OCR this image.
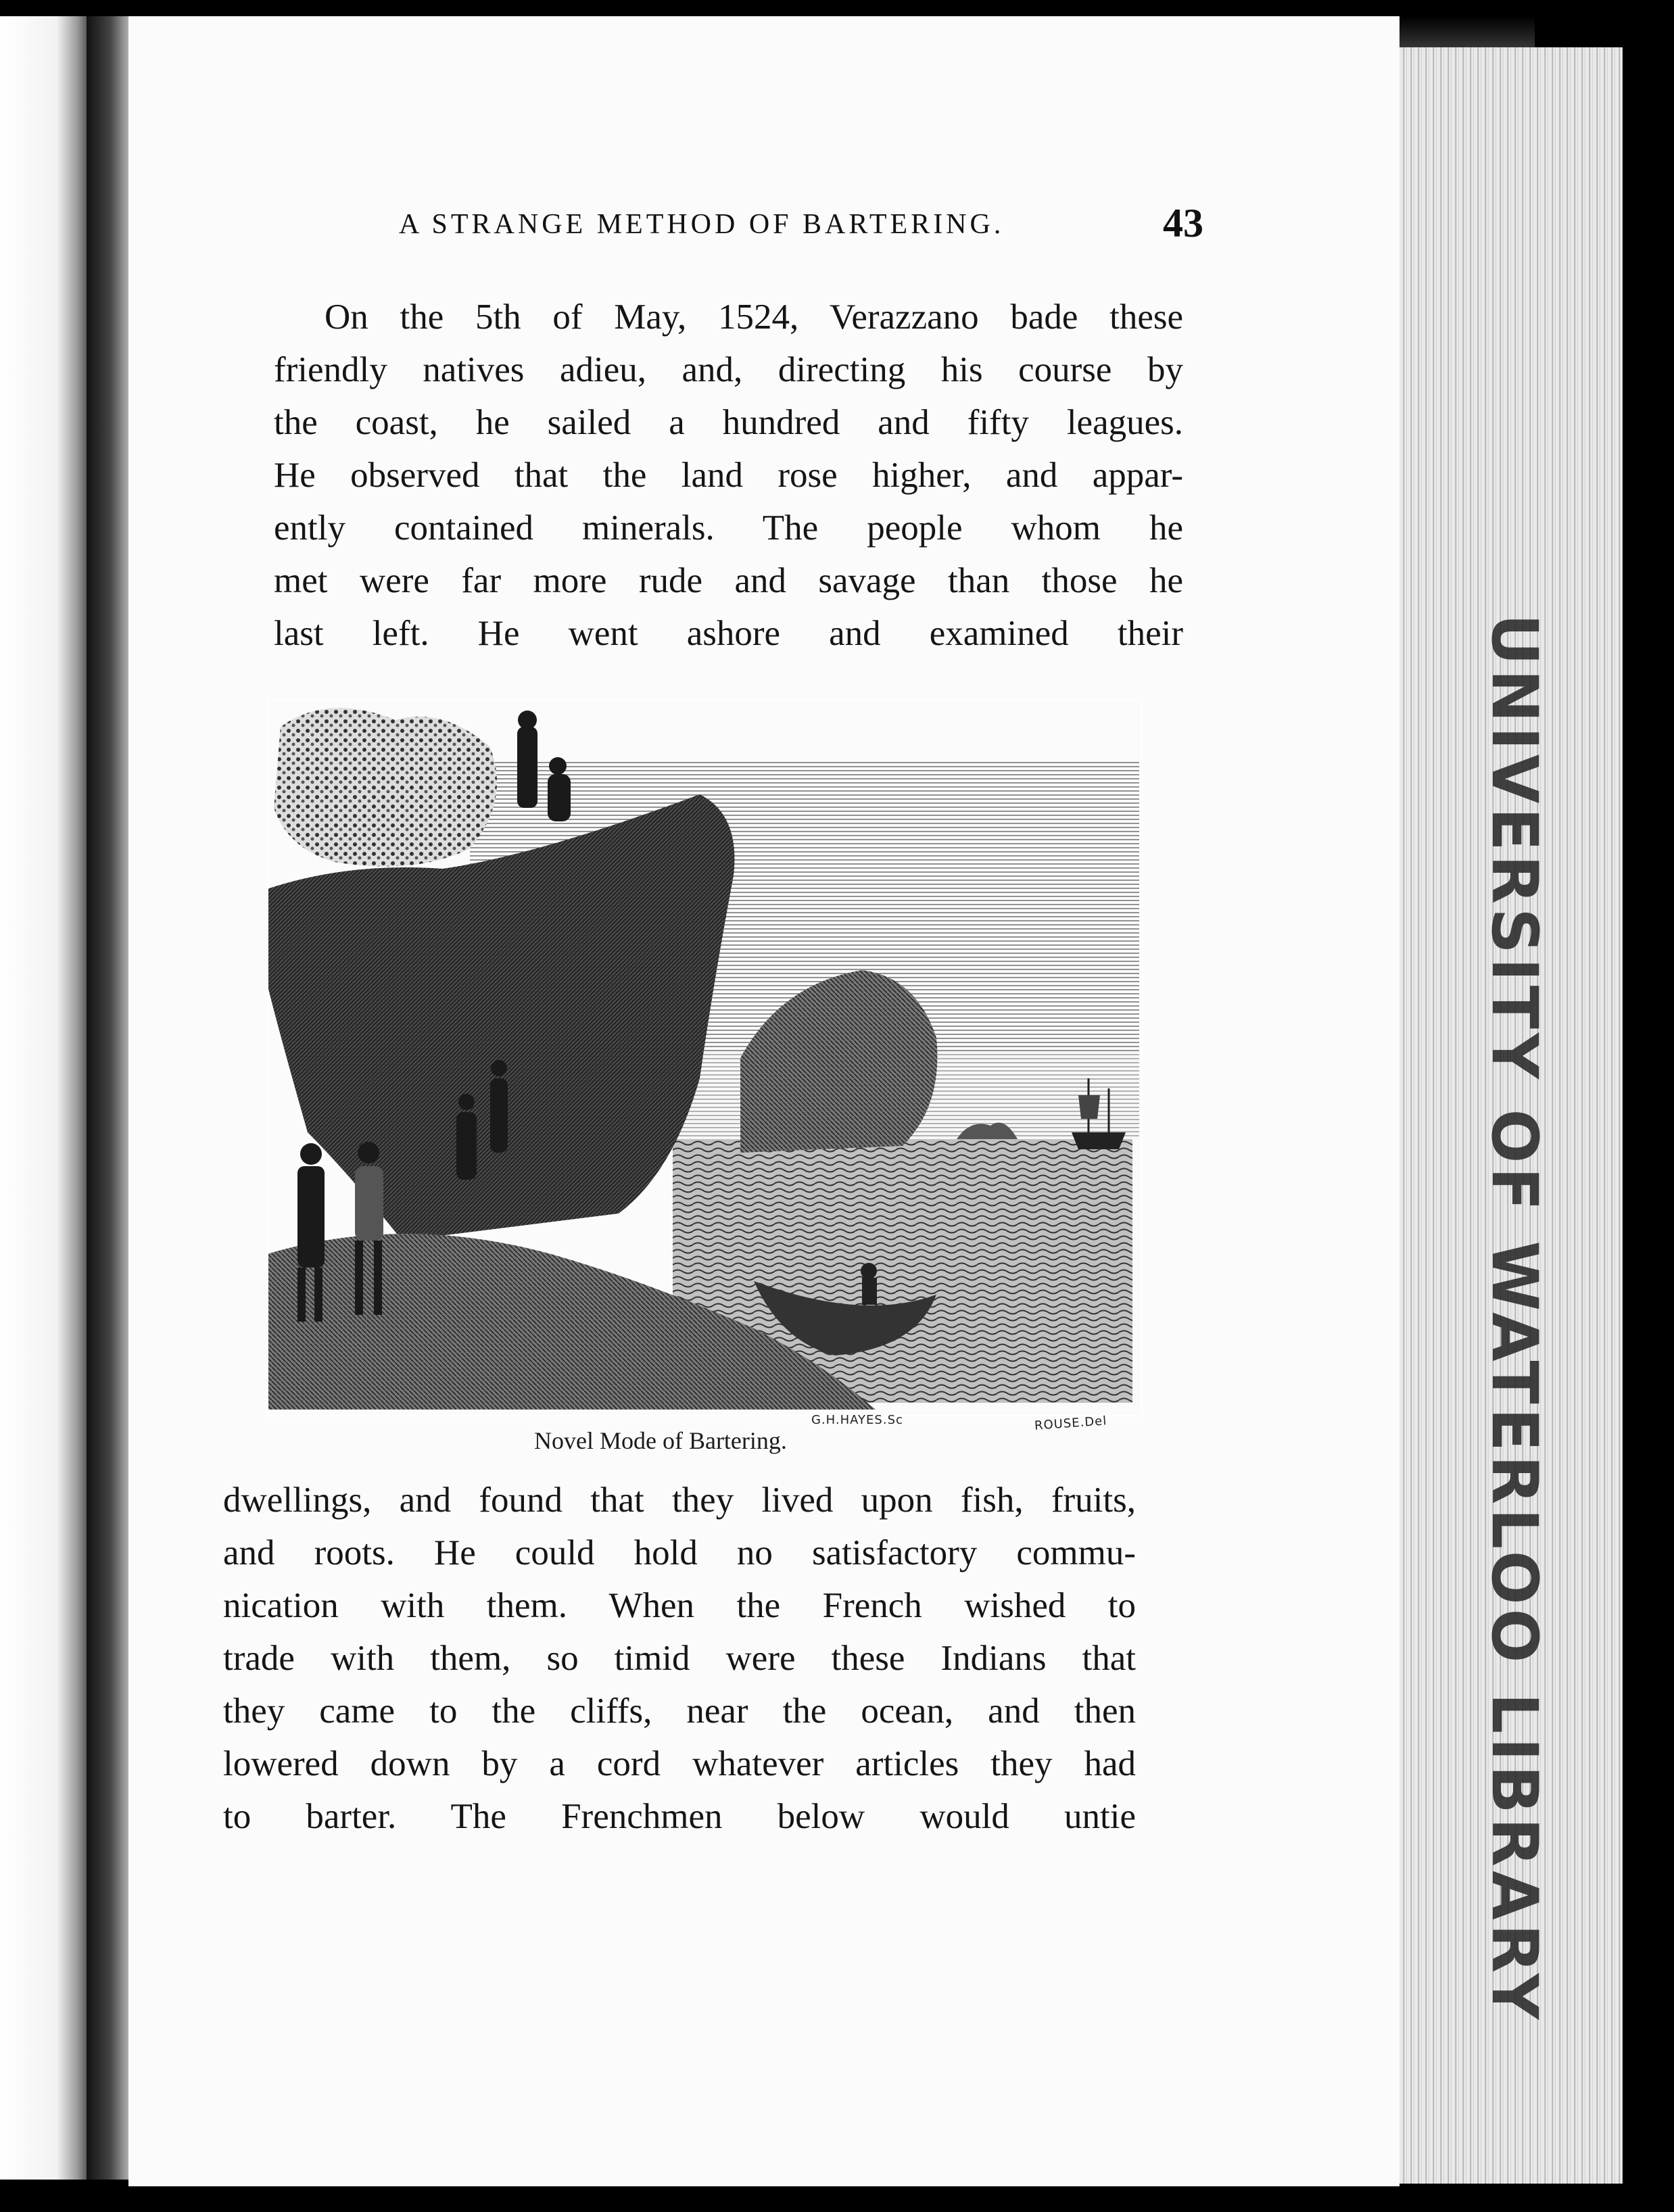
UNIVERSITY OF WATERLOO LIBRARY
A STRANGE METHOD OF BARTERING.	43
On the 5th of May, 1524, Verazzano bade these
friendly natives adieu, and, directing his course by
the coast, he sailed a hundred and fifty leagues.
He observed that the land rose higher, and appar-
ently contained minerals. The people whom he
met were far more rude and savage than those he
last left. He went ashore and examined their
G.H.HAYES.Sc	ROUSE.Del
Novel Mode of Bartering.
dwellings, and found that they lived upon fish, fruits,
and roots. He could hold no satisfactory commu-
nication with them. When the French wished to
trade with them, so timid were these Indians that
they came to the cliffs, near the ocean, and then
lowered down by a cord whatever articles they had
to barter. The Frenchmen below would untie
